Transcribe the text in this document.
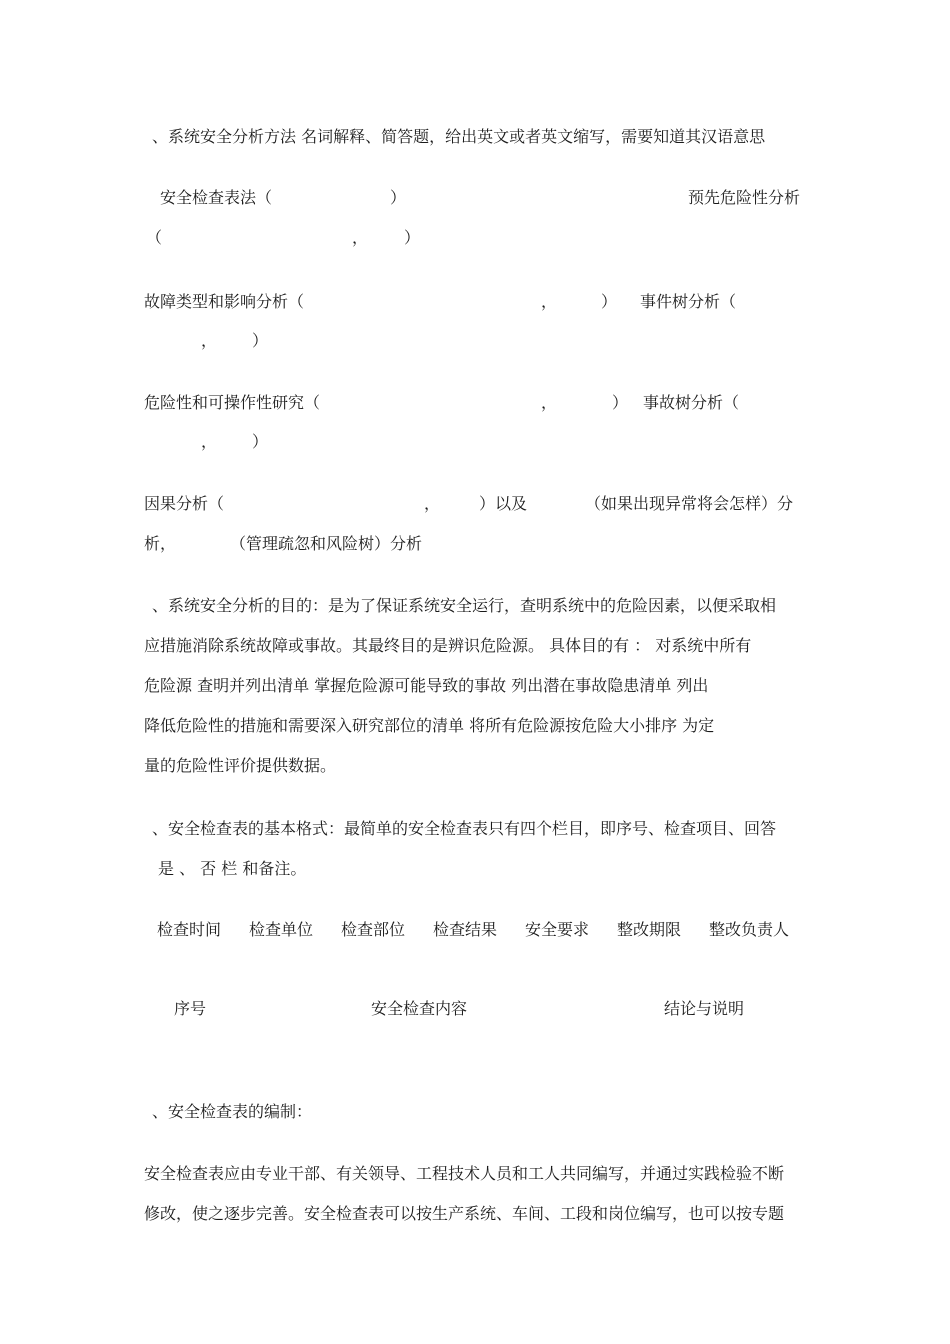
、系统安全分析方法 名词解释、简答题，给出英文或者英文缩写，需要知道其汉语意思
安全检查表法（	）	预先危险性分析
（	， ）
故障类型和影响分析（	，	） 事件树分析（
， ）
危险性和可操作性研究（	，	） 事故树分析（
， ）
因果分析（	， ）以及	（如果出现异常将会怎样）分
析，	（管理疏忽和风险树）分析
、系统安全分析的目的：是为了保证系统安全运行，查明系统中的危险因素，以便采取相
应措施消除系统故障或事故。其最终目的是辨识危险源。 具体目的有 ： 对系统中所有
危险源 查明并列出清单 掌握危险源可能导致的事故 列出潜在事故隐患清单 列出
降低危险性的措施和需要深入研究部位的清单 将所有危险源按危险大小排序 为定
量的危险性评价提供数据。
、安全检查表的基本格式：最简单的安全检查表只有四个栏目，即序号、检查项目、回答
是 、 否 栏 和备注。
检查时间 检查单位 检查部位 检查结果 安全要求 整改期限 整改负责人
序号	安全检查内容	结论与说明
、安全检查表的编制：
安全检查表应由专业干部、有关领导、工程技术人员和工人共同编写，并通过实践检验不断
修改，使之逐步完善。安全检查表可以按生产系统、车间、工段和岗位编写，也可以按专题
